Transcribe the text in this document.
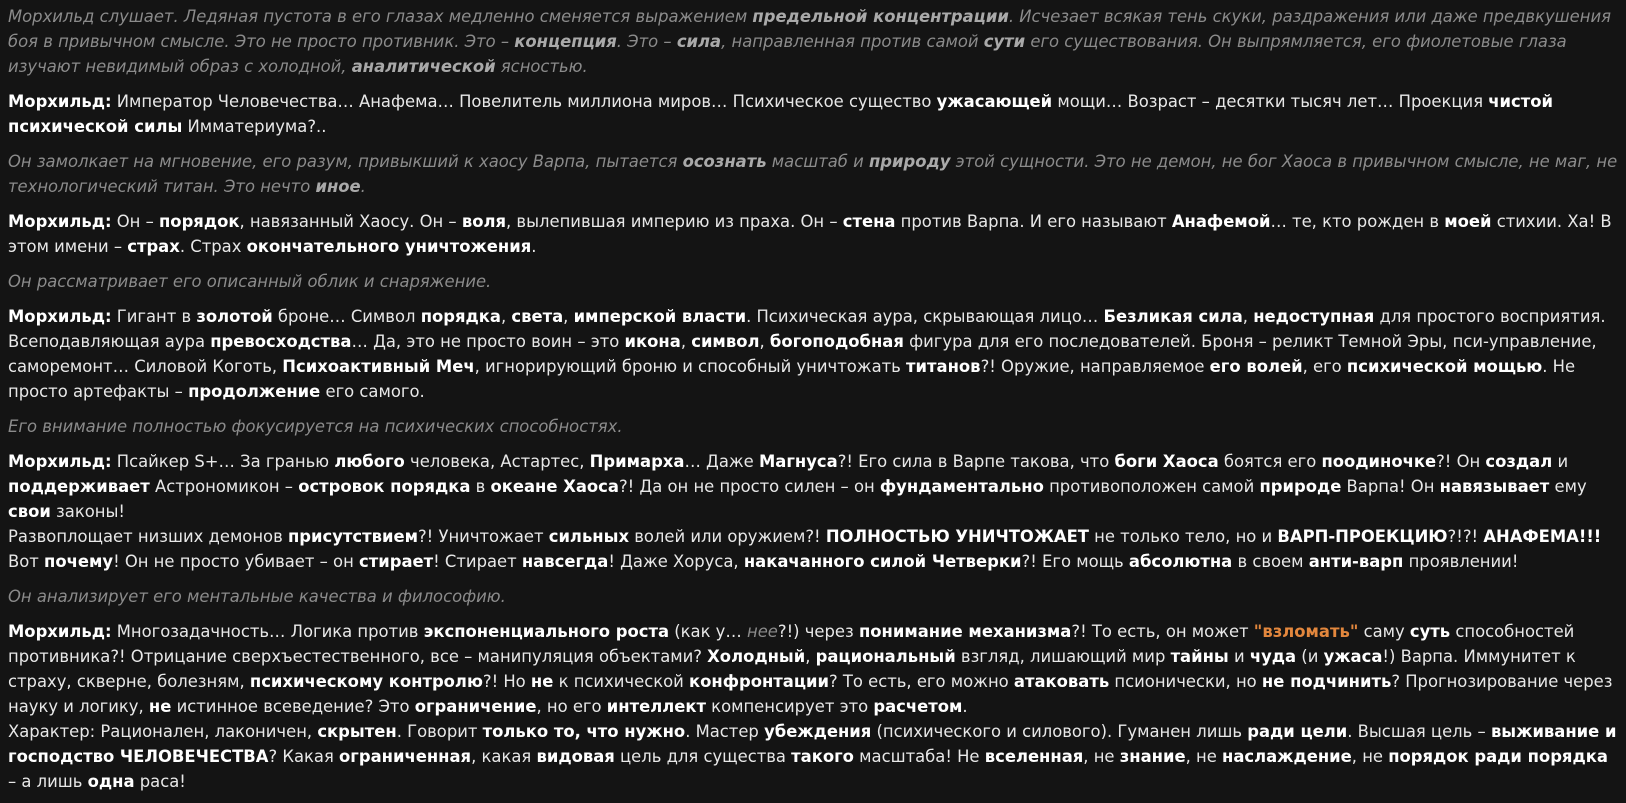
Морхильд слушает. Ледяная пустота в его глазах медленно сменяется выражением предельной концентрации. Исчезает всякая тень скуки, раздражения или даже предвкушения боя в привычном смысле. Это не просто противник. Это – концепция. Это – сила, направленная против самой сути его существования. Он выпрямляется, его фиолетовые глаза изучают невидимый образ с холодной, аналитической ясностью.

Морхильд: Император Человечества… Анафема… Повелитель миллиона миров… Психическое существо ужасающей мощи… Возраст – десятки тысяч лет… Проекция чистой психической силы Имматериума?..

Он замолкает на мгновение, его разум, привыкший к хаосу Варпа, пытается осознать масштаб и природу этой сущности. Это не демон, не бог Хаоса в привычном смысле, не маг, не технологический титан. Это нечто иное.

Морхильд: Он – порядок, навязанный Хаосу. Он – воля, вылепившая империю из праха. Он – стена против Варпа. И его называют Анафемой… те, кто рожден в моей стихии. Ха! В этом имени – страх. Страх окончательного уничтожения.

Он рассматривает его описанный облик и снаряжение.

Морхильд: Гигант в золотой броне… Символ порядка, света, имперской власти. Психическая аура, скрывающая лицо… Безликая сила, недоступная для простого восприятия. Всеподавляющая аура превосходства… Да, это не просто воин – это икона, символ, богоподобная фигура для его последователей. Броня – реликт Темной Эры, пси-управление, саморемонт… Силовой Коготь, Психоактивный Меч, игнорирующий броню и способный уничтожать титанов?! Оружие, направляемое его волей, его психической мощью. Не просто артефакты – продолжение его самого.

Его внимание полностью фокусируется на психических способностях.

Морхильд: Псайкер S+… За гранью любого человека, Астартес, Примарха… Даже Магнуса?! Его сила в Варпе такова, что боги Хаоса боятся его поодиночке?! Он создал и поддерживает Астрономикон – островок порядка в океане Хаоса?! Да он не просто силен – он фундаментально противоположен самой природе Варпа! Он навязывает ему свои законы!
Развоплощает низших демонов присутствием?! Уничтожает сильных волей или оружием?! ПОЛНОСТЬЮ УНИЧТОЖАЕТ не только тело, но и ВАРП-ПРОЕКЦИЮ?!?! АНАФЕМА!!! Вот почему! Он не просто убивает – он стирает! Стирает навсегда! Даже Хоруса, накачанного силой Четверки?! Его мощь абсолютна в своем анти-варп проявлении!

Он анализирует его ментальные качества и философию.

Морхильд: Многозадачность… Логика против экспоненциального роста (как у… нее?!) через понимание механизма?! То есть, он может "взломать" саму суть способностей противника?! Отрицание сверхъестественного, все – манипуляция объектами? Холодный, рациональный взгляд, лишающий мир тайны и чуда (и ужаса!) Варпа. Иммунитет к страху, скверне, болезням, психическому контролю?! Но не к психической конфронтации? То есть, его можно атаковать псионически, но не подчинить? Прогнозирование через науку и логику, не истинное всеведение? Это ограничение, но его интеллект компенсирует это расчетом.
Характер: Рационален, лаконичен, скрытен. Говорит только то, что нужно. Мастер убеждения (психического и силового). Гуманен лишь ради цели. Высшая цель – выживание и господство ЧЕЛОВЕЧЕСТВА? Какая ограниченная, какая видовая цель для существа такого масштаба! Не вселенная, не знание, не наслаждение, не порядок ради порядка – а лишь одна раса!
